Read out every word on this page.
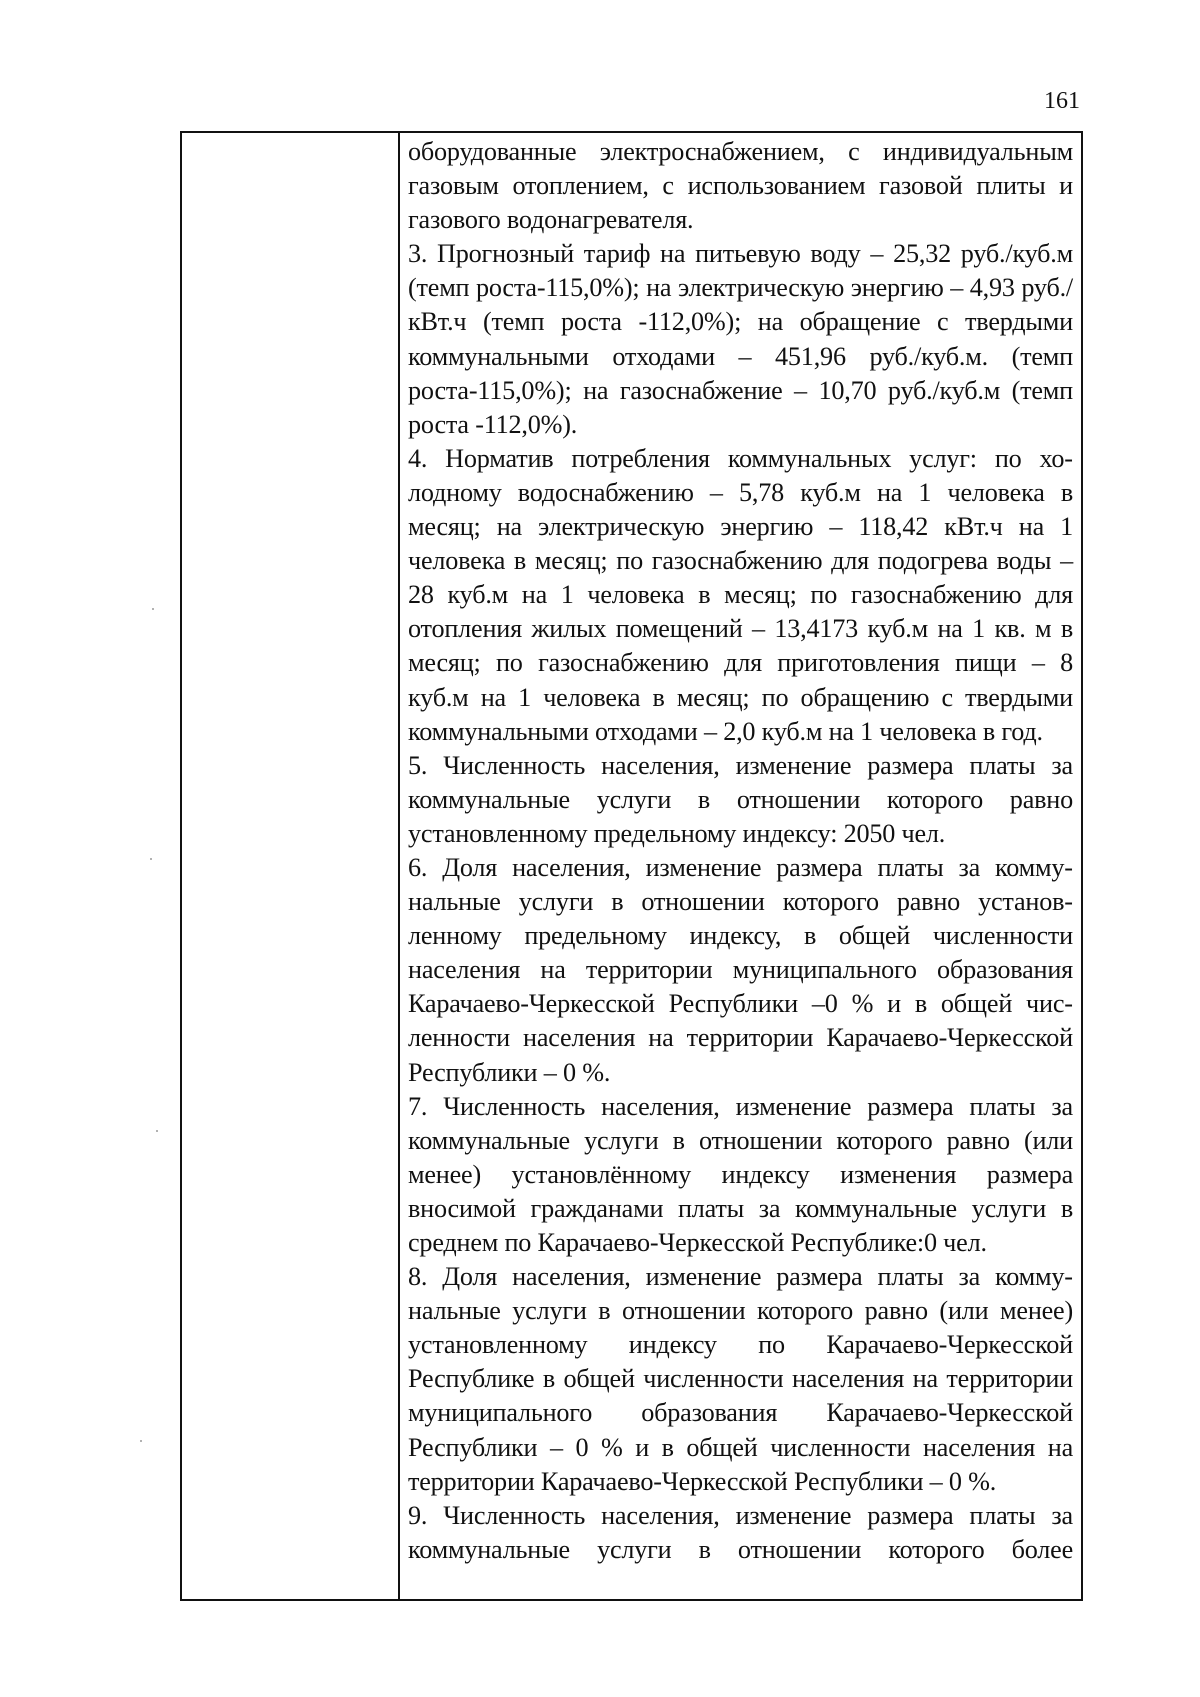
161

оборудованные электроснабжением, с индивидуальным газовым отоплением, с использованием газовой плиты и газового водонагревателя.

3. Прогнозный тариф на питьевую воду – 25,32 руб./куб.м (темп роста-115,0%); на электрическую энергию – 4,93 руб./кВт.ч (темп роста -112,0%); на обращение с твердыми коммунальными отходами – 451,96 руб./куб.м. (темп роста-115,0%); на газоснабжение – 10,70 руб./куб.м (темп роста -112,0%).

4. Норматив потребления коммунальных услуг: по холодному водоснабжению – 5,78 куб.м на 1 человека в месяц; на электрическую энергию – 118,42 кВт.ч на 1 человека в месяц; по газоснабжению для подогрева воды – 28 куб.м на 1 человека в месяц; по газоснабжению для отопления жилых помещений – 13,4173 куб.м на 1 кв. м в месяц; по газоснабжению для приготовления пищи – 8 куб.м на 1 человека в месяц; по обращению с твердыми коммунальными отходами – 2,0 куб.м на 1 человека в год.

5. Численность населения, изменение размера платы за коммунальные услуги в отношении которого равно установленному предельному индексу: 2050 чел.

6. Доля населения, изменение размера платы за коммунальные услуги в отношении которого равно установленному предельному индексу, в общей численности населения на территории муниципального образования Карачаево-Черкесской Республики –0 % и в общей численности населения на территории Карачаево-Черкесской Республики – 0 %.

7. Численность населения, изменение размера платы за коммунальные услуги в отношении которого равно (или менее) установлённому индексу изменения размера вносимой гражданами платы за коммунальные услуги в среднем по Карачаево-Черкесской Республике:0 чел.

8. Доля населения, изменение размера платы за коммунальные услуги в отношении которого равно (или менее) установленному индексу по Карачаево-Черкесской Республике в общей численности населения на территории муниципального образования Карачаево-Черкесской Республики – 0 % и в общей численности населения на территории Карачаево-Черкесской Республики – 0 %.

9. Численность населения, изменение размера платы за коммунальные услуги в отношении которого более
